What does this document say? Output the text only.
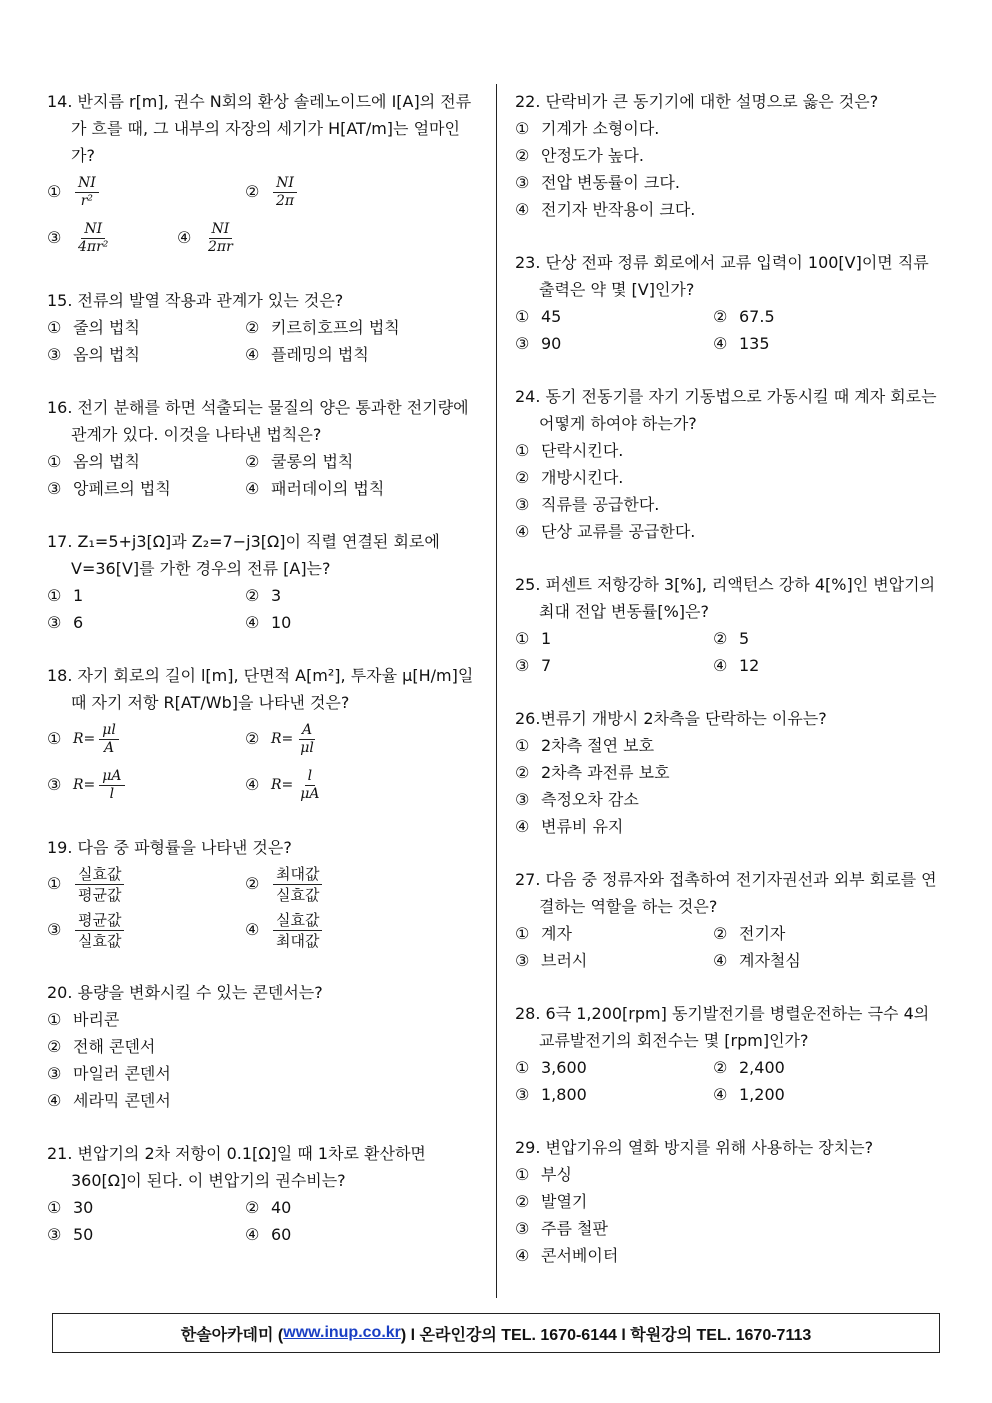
14. 반지름 r[m], 권수 N회의 환상 솔레노이드에 I[A]의 전류가 흐를 때, 그 내부의 자장의 세기가 H[AT/m]는 얼마인가?
① $\frac{NI}{\text{r²}}$	② $\frac{NI}{2\pi}$
③ $\frac{NI}{\text{4πr²}}$	④ $\frac{NI}{2\pi r}$
15. 전류의 발열 작용과 관계가 있는 것은?
① 줄의 법칙	② 키르히호프의 법칙
③ 옴의 법칙	④ 플레밍의 법칙
16. 전기 분해를 하면 석출되는 물질의 양은 통과한 전기량에 관계가 있다. 이것을 나타낸 법칙은?
① 옴의 법칙	② 쿨롱의 법칙
③ 앙페르의 법칙	④ 패러데이의 법칙
17. Z₁=5+j3[Ω]과 Z₂=7−j3[Ω]이 직렬 연결된 회로에 V=36[V]를 가한 경우의 전류 [A]는?
① 1	② 3
③ 6	④ 10
18. 자기 회로의 길이 l[m], 단면적 A[m²], 투자율 μ[H/m]일 때 자기 저항 R[AT/Wb]을 나타낸 것은?
① $R= \frac{\mu l}{A}$	② $R= \frac{A}{\mu l}$
③ $R= \frac{\mu A}{l}$	④ $R= \frac{l}{\mu A}$
19. 다음 중 파형률을 나타낸 것은?
① $\frac{\text{실효값}}{\text{평균값}}$	② $\frac{\text{최대값}}{\text{실효값}}$
③ $\frac{\text{평균값}}{\text{실효값}}$	④ $\frac{\text{실효값}}{\text{최대값}}$
20. 용량을 변화시킬 수 있는 콘덴서는?
① 바리콘
② 전해 콘덴서
③ 마일러 콘덴서
④ 세라믹 콘덴서
21. 변압기의 2차 저항이 0.1[Ω]일 때 1차로 환산하면 360[Ω]이 된다. 이 변압기의 권수비는?
① 30	② 40
③ 50	④ 60
22. 단락비가 큰 동기기에 대한 설명으로 옳은 것은?
① 기계가 소형이다.
② 안정도가 높다.
③ 전압 변동률이 크다.
④ 전기자 반작용이 크다.
23. 단상 전파 정류 회로에서 교류 입력이 100[V]이면 직류 출력은 약 몇 [V]인가?
① 45	② 67.5
③ 90	④ 135
24. 동기 전동기를 자기 기동법으로 가동시킬 때 계자 회로는 어떻게 하여야 하는가?
① 단락시킨다.
② 개방시킨다.
③ 직류를 공급한다.
④ 단상 교류를 공급한다.
25. 퍼센트 저항강하 3[%], 리액턴스 강하 4[%]인 변압기의 최대 전압 변동률[%]은?
① 1	② 5
③ 7	④ 12
26.변류기 개방시 2차측을 단락하는 이유는?
① 2차측 절연 보호
② 2차측 과전류 보호
③ 측정오차 감소
④ 변류비 유지
27. 다음 중 정류자와 접촉하여 전기자권선과 외부 회로를 연결하는 역할을 하는 것은?
① 계자	② 전기자
③ 브러시	④ 계자철심
28. 6극 1,200[rpm] 동기발전기를 병렬운전하는 극수 4의 교류발전기의 회전수는 몇 [rpm]인가?
① 3,600	② 2,400
③ 1,800	④ 1,200
29. 변압기유의 열화 방지를 위해 사용하는 장치는?
① 부싱
② 발열기
③ 주름 철판
④ 콘서베이터
한솔아카데미 ( www.inup.co.kr ) l 온라인강의 TEL. 1670-6144 l 학원강의 TEL. 1670-7113
